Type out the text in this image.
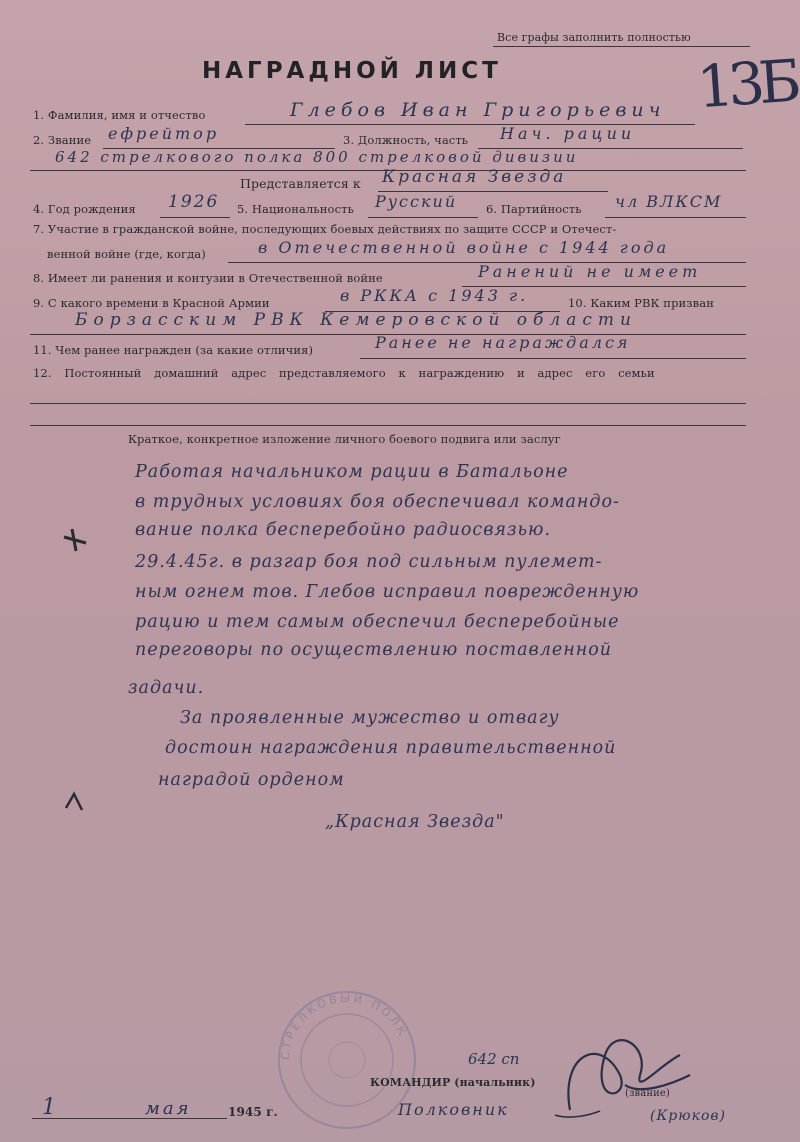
Все графы заполнить полностью
НАГРАДНОЙ ЛИСТ	13Б
1. Фамилия, имя и отчество	Глебов Иван Григорьевич
2. Звание ефрейтор	3. Должность, часть Нач. рации
642 стрелкового полка 800 стрелковой дивизии
Представляется к Красная Звезда
4. Год рождения 1926 5. Национальность Русский	6. Партийность чл ВЛКСМ
7. Участие в гражданской войне, последующих боевых действиях по защите СССР и Отечест-
венной войне (где, когда)	в Отечественной войне с 1944 года
8. Имеет ли ранения и контузии в Отечественной войне	Ранений не имеет
9. С какого времени в Красной Армии	в РККА с 1943 г.	10. Каким РВК призван
Борзасским РВК Кемеровской области
11. Чем ранее награжден (за какие отличия)	Ранее не награждался
12. Постоянный домашний адрес представляемого к награждению и адрес его семьи
Краткое, конкретное изложение личного боевого подвига или заслуг
Работая начальником рации в Батальоне
в трудных условиях боя обеспечивал командо-
вание полка бесперебойно радиосвязью.
29.4.45г. в разгар боя под сильным пулемет-
ным огнем тов. Глебов исправил поврежденную
рацию и тем самым обеспечил бесперебойные
переговоры по осуществлению поставленной
задачи.
За проявленные мужество и отвагу
достоин награждения правительственной
наградой орденом
„Красная Звезда"
СТРЕЛКОВЫЙ ПОЛК
1	мая	1945 г.
642 сп
КОМАНДИР (начальник)
(звание)
Полковник	(Крюков)
